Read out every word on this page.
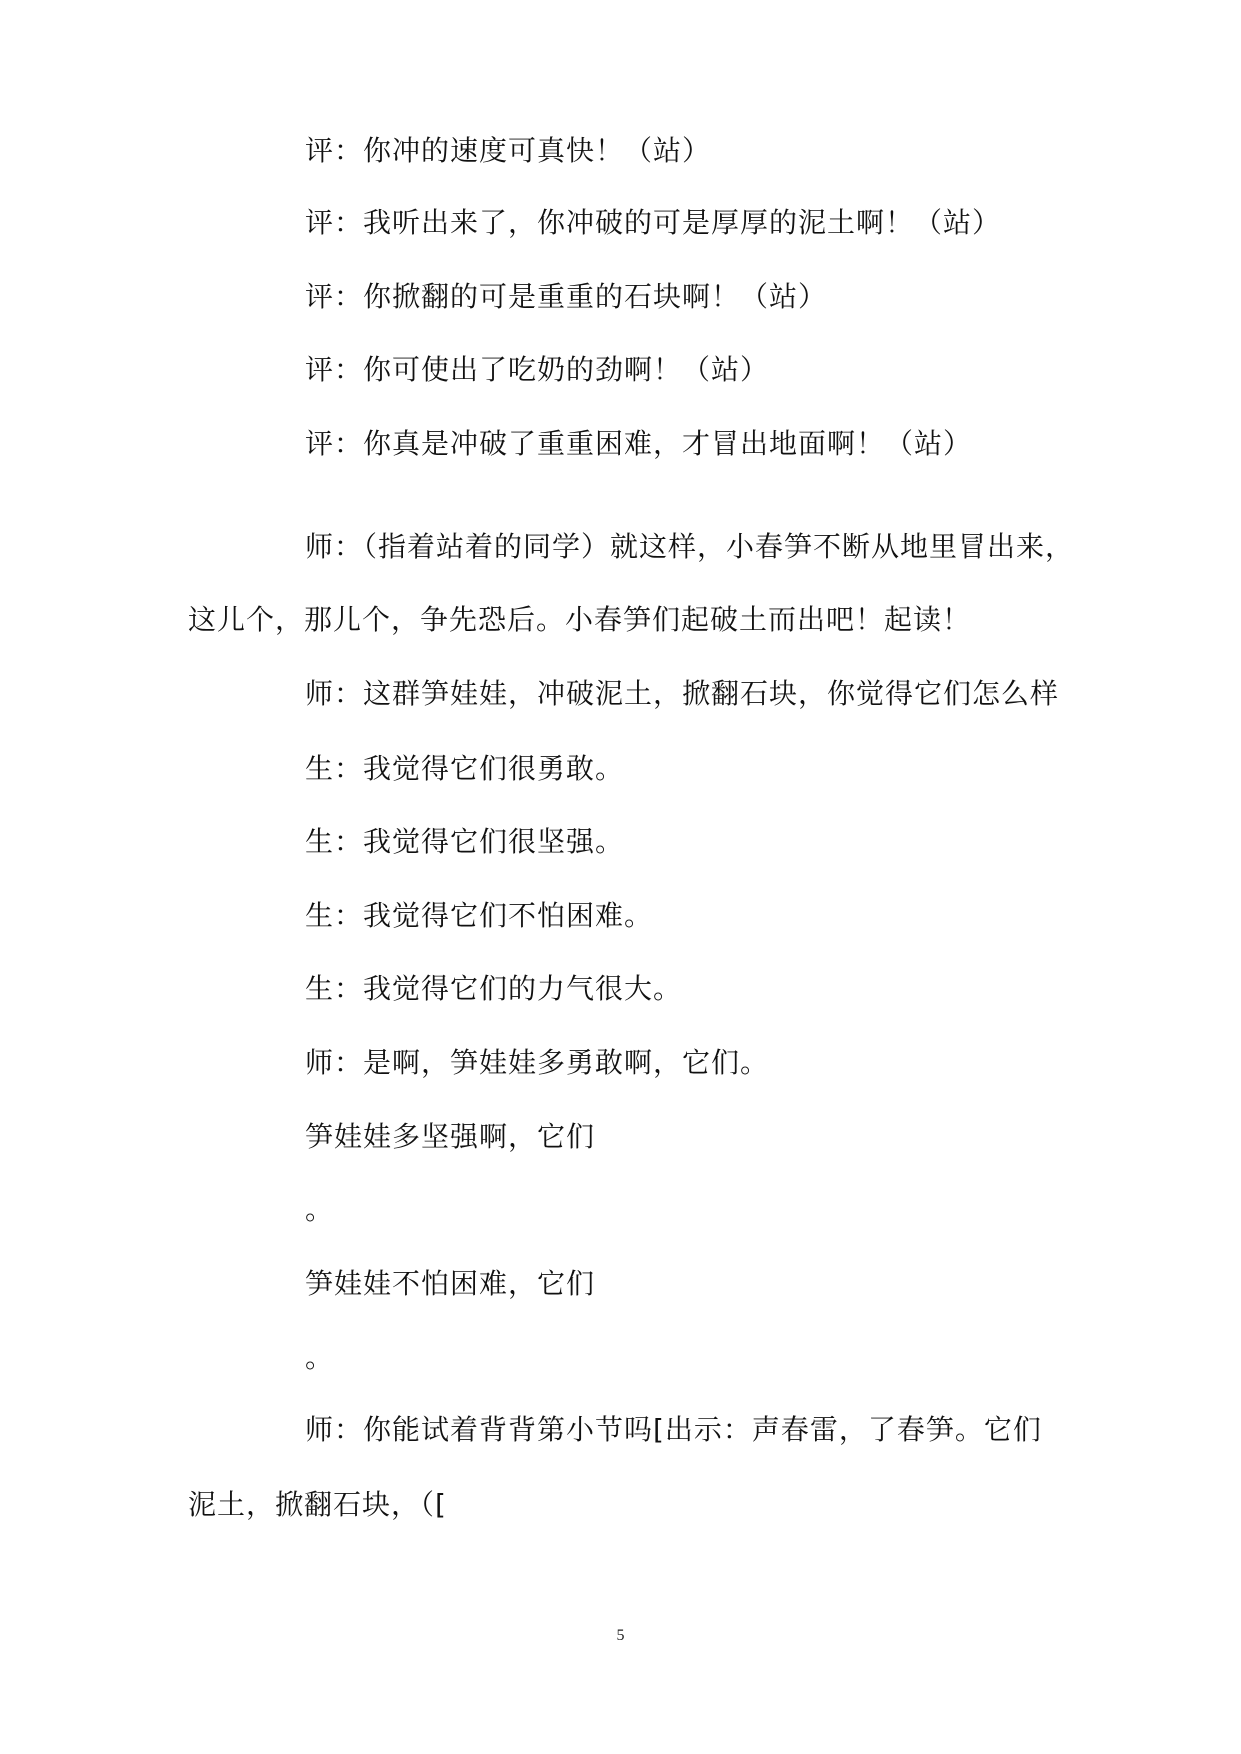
评：你冲的速度可真快！（站）
评：我听出来了，你冲破的可是厚厚的泥土啊！（站）
评：你掀翻的可是重重的石块啊！（站）
评：你可使出了吃奶的劲啊！（站）
评：你真是冲破了重重困难，才冒出地面啊！（站）
师：（指着站着的同学）就这样，小春笋不断从地里冒出来，
这儿个，那儿个，争先恐后。小春笋们起破土而出吧！起读！
师：这群笋娃娃，冲破泥土，掀翻石块，你觉得它们怎么样
生：我觉得它们很勇敢。
生：我觉得它们很坚强。
生：我觉得它们不怕困难。
生：我觉得它们的力气很大。
师：是啊，笋娃娃多勇敢啊，它们。
笋娃娃多坚强啊，它们
。
笋娃娃不怕困难，它们
。
师：你能试着背背第小节吗[出示：声春雷，了春笋。它们
泥土，掀翻石块，（[
5
